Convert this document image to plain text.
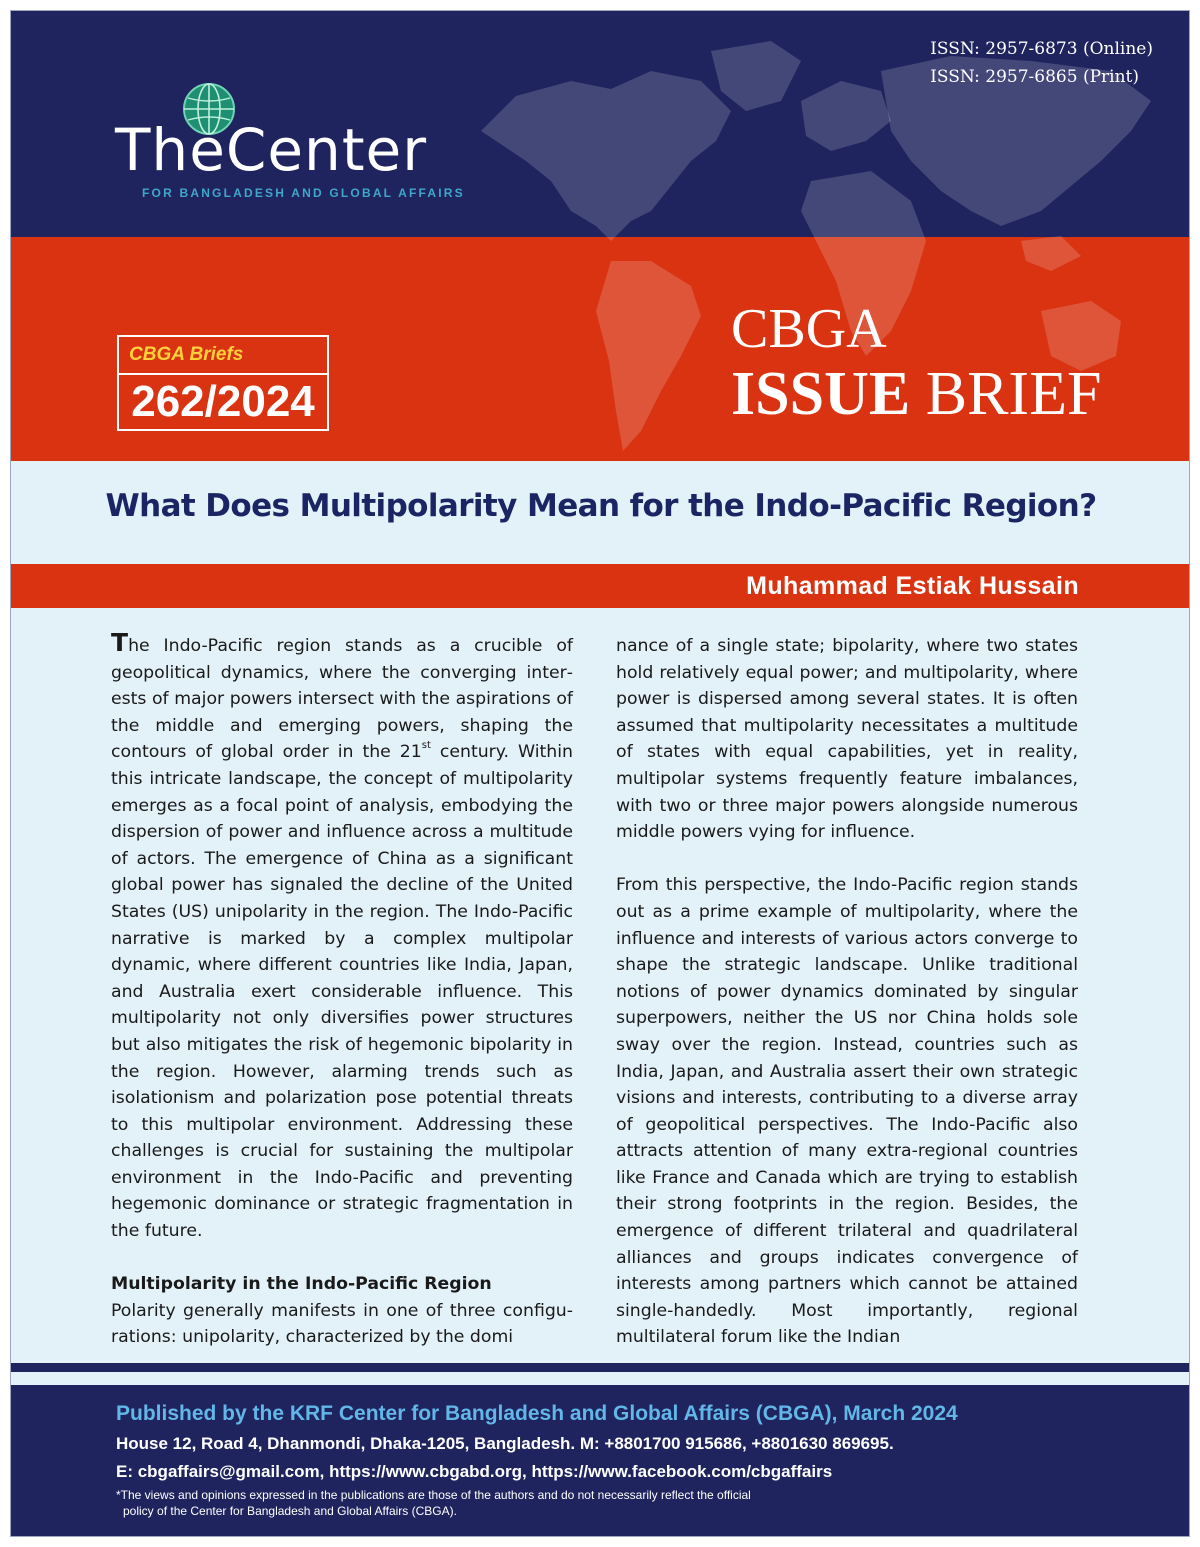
ISSN: 2957-6873 (Online)
ISSN: 2957-6865 (Print)
TheCenter
FOR BANGLADESH AND GLOBAL AFFAIRS
CBGA Briefs
262/2024
CBGA
ISSUE BRIEF
What Does Multipolarity Mean for the Indo-Pacific Region?
Muhammad Estiak Hussain

The Indo-Pacific region stands as a crucible of geopolitical dynamics, where the converging interests of major powers intersect with the aspirations of the middle and emerging powers, shaping the contours of global order in the 21st century. Within this intricate landscape, the concept of multipolarity emerges as a focal point of analysis, embodying the dispersion of power and influence across a multitude of actors. The emergence of China as a significant global power has signaled the decline of the United States (US) unipolarity in the region. The Indo-Pacific narrative is marked by a complex multipolar dynamic, where different countries like India, Japan, and Australia exert considerable influence. This multipolarity not only diversifies power structures but also mitigates the risk of hegemonic bipolarity in the region. However, alarming trends such as isolationism and polarization pose potential threats to this multipolar environment. Addressing these challenges is crucial for sustaining the multipolar environment in the Indo-Pacific and preventing hegemonic dominance or strategic fragmentation in the future.

Multipolarity in the Indo-Pacific Region

Polarity generally manifests in one of three configurations: unipolarity, characterized by the domi

nance of a single state; bipolarity, where two states hold relatively equal power; and multipolarity, where power is dispersed among several states. It is often assumed that multipolarity necessitates a multitude of states with equal capabilities, yet in reality, multipolar systems frequently feature imbalances, with two or three major powers alongside numerous middle powers vying for influence.

From this perspective, the Indo-Pacific region stands out as a prime example of multipolarity, where the influence and interests of various actors converge to shape the strategic landscape. Unlike traditional notions of power dynamics dominated by singular superpowers, neither the US nor China holds sole sway over the region. Instead, countries such as India, Japan, and Australia assert their own strategic visions and interests, contributing to a diverse array of geopolitical perspectives. The Indo-Pacific also attracts attention of many extra-regional countries like France and Canada which are trying to establish their strong footprints in the region. Besides, the emergence of different trilateral and quadrilateral alliances and groups indicates convergence of interests among partners which cannot be attained single-handedly. Most importantly, regional multilateral forum like the Indian

Published by the KRF Center for Bangladesh and Global Affairs (CBGA), March 2024
House 12, Road 4, Dhanmondi, Dhaka-1205, Bangladesh. M: +8801700 915686, +8801630 869695.
E: cbgaffairs@gmail.com, https://www.cbgabd.org, https://www.facebook.com/cbgaffairs
*The views and opinions expressed in the publications are those of the authors and do not necessarily reflect the official
policy of the Center for Bangladesh and Global Affairs (CBGA).
